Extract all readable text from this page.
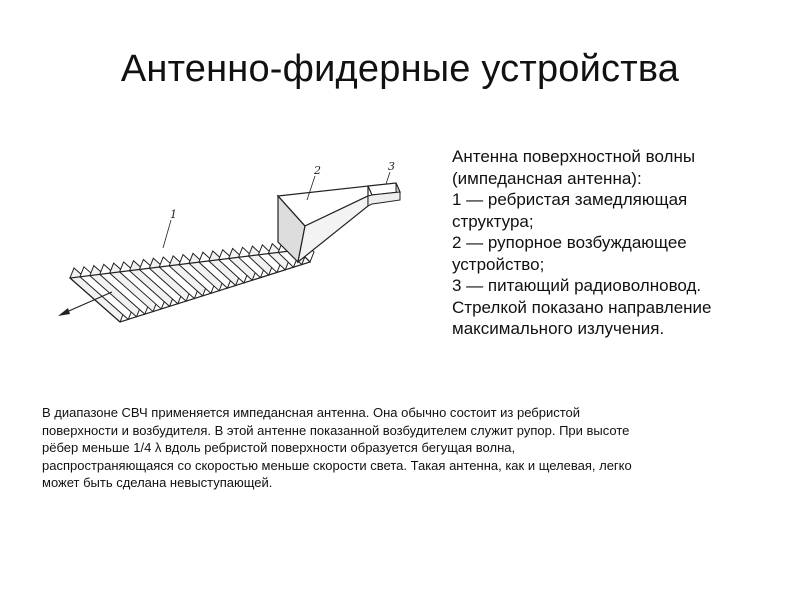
Антенно-фидерные устройства
1
2	3
Антенна поверхностной волны
(импедансная антенна):
1 — ребристая замедляющая
структура;
2 — рупорное возбуждающее
устройство;
3 — питающий радиоволновод.
Стрелкой показано направление
максимального излучения.
В диапазоне СВЧ применяется импедансная антенна. Она обычно состоит из ребристой
поверхности и возбудителя. В этой антенне показанной возбудителем служит рупор. При высоте
рёбер меньше 1/4 λ вдоль ребристой поверхности образуется бегущая волна,
распространяющаяся со скоростью меньше скорости света. Такая антенна, как и щелевая, легко
может быть сделана невыступающей.
